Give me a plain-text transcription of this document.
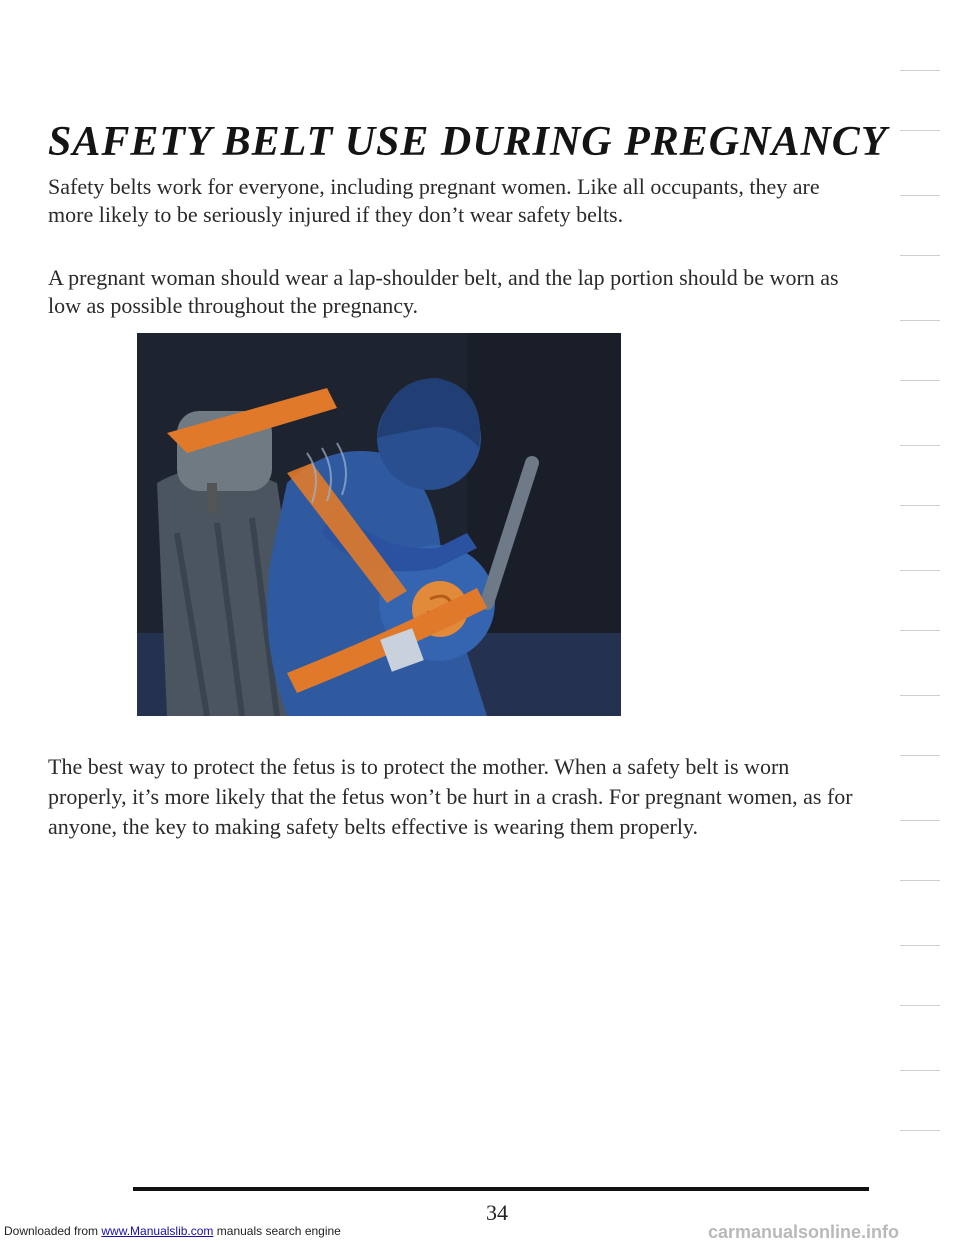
SAFETY BELT USE DURING PREGNANCY

Safety belts work for everyone, including pregnant women. Like all occupants, they are more likely to be seriously injured if they don’t wear safety belts.

A pregnant woman should wear a lap-shoulder belt, and the lap portion should be worn as low as possible throughout the pregnancy.

The best way to protect the fetus is to protect the mother. When a safety belt is worn properly, it’s more likely that the fetus won’t be hurt in a crash. For pregnant women, as for anyone, the key to making safety belts effective is wearing them properly.

34
Downloaded from www.Manualslib.com manuals search engine	carmanualsonline.info
